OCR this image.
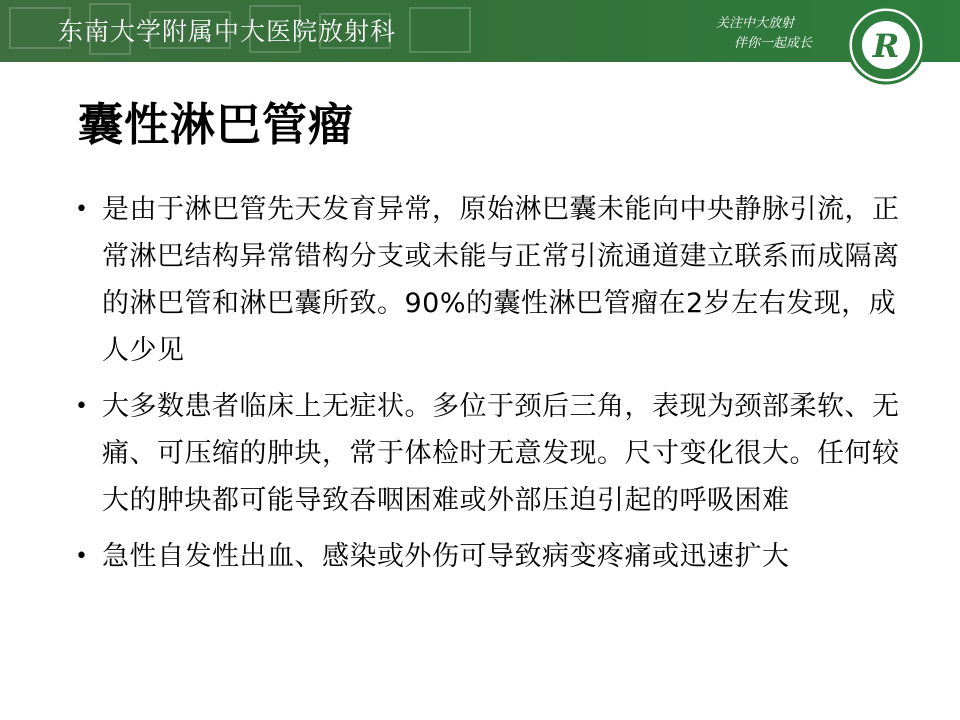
东南大学附属中大医院放射科	关注中大放射
伴你一起成长	R
囊性淋巴管瘤
• 是由于淋巴管先天发育异常，原始淋巴囊未能向中央静脉引流，正常淋巴结构异常错构分支或未能与正常引流通道建立联系而成隔离的淋巴管和淋巴囊所致。90%的囊性淋巴管瘤在2岁左右发现，成人少见
• 大多数患者临床上无症状。多位于颈后三角，表现为颈部柔软、无痛、可压缩的肿块，常于体检时无意发现。尺寸变化很大。任何较大的肿块都可能导致吞咽困难或外部压迫引起的呼吸困难
• 急性自发性出血、感染或外伤可导致病变疼痛或迅速扩大
